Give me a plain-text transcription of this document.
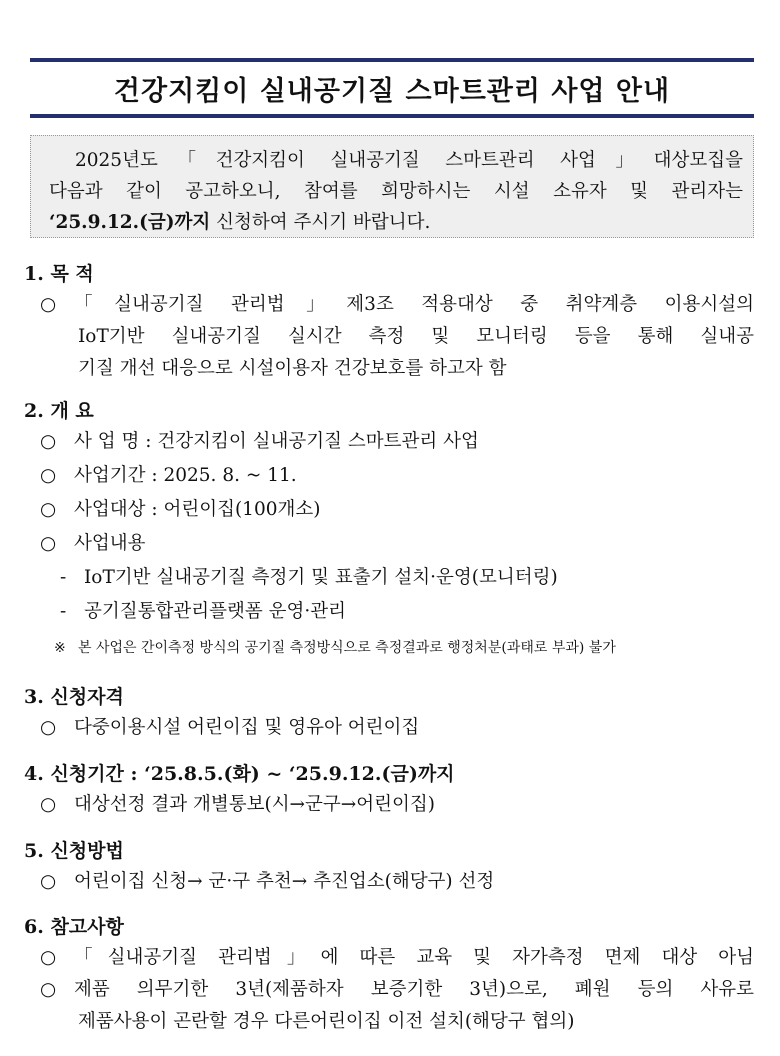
건강지킴이 실내공기질 스마트관리 사업 안내

2025년도「건강지킴이 실내공기질 스마트관리 사업」대상모집을

다음과 같이 공고하오니, 참여를 희망하시는 시설 소유자 및 관리자는

‘25.9.12.(금)까지 신청하여 주시기 바랍니다.

1. 목 적
○ 「실내공기질 관리법」제3조 적용대상 중 취약계층 이용시설의
IoT기반 실내공기질 실시간 측정 및 모니터링 등을 통해 실내공
기질 개선 대응으로 시설이용자 건강보호를 하고자 함
2. 개 요
○ 사 업 명 : 건강지킴이 실내공기질 스마트관리 사업
○ 사업기간 : 2025. 8. ~ 11.
○ 사업대상 : 어린이집(100개소)
○ 사업내용
- IoT기반 실내공기질 측정기 및 표출기 설치·운영(모니터링)
- 공기질통합관리플랫폼 운영·관리
※ 본 사업은 간이측정 방식의 공기질 측정방식으로 측정결과로 행정처분(과태로 부과) 불가
3. 신청자격
○ 다중이용시설 어린이집 및 영유아 어린이집
4. 신청기간 : ‘25.8.5.(화) ~ ‘25.9.12.(금)까지
○ 대상선정 결과 개별통보(시→군구→어린이집)
5. 신청방법
○ 어린이집 신청→ 군·구 추천→ 추진업소(해당구) 선정
6. 참고사항
○ 「실내공기질 관리법」에 따른 교육 및 자가측정 면제 대상 아님
○ 제품 의무기한 3년(제품하자 보증기한 3년)으로, 폐원 등의 사유로
제품사용이 곤란할 경우 다른어린이집 이전 설치(해당구 협의)
